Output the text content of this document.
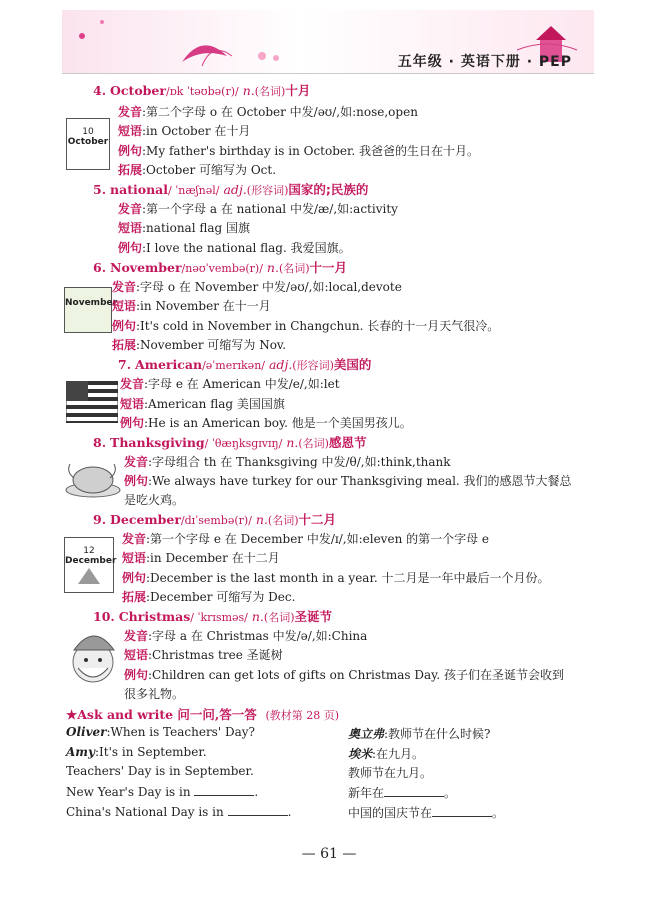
五年级 · 英语下册 · PEP
4. October/ɒk ˈtəʊbə(r)/ n.(名词)十月
10
October
发音:第二个字母 o 在 October 中发/əʊ/,如:nose,open
短语:in October 在十月
例句:My father's birthday is in October. 我爸爸的生日在十月。
拓展:October 可缩写为 Oct.
5. national/ ˈnæʃnəl/ adj.(形容词)国家的;民族的
发音:第一个字母 a 在 national 中发/æ/,如:activity
短语:national flag 国旗
例句:I love the national flag. 我爱国旗。
6. November/nəʊˈvembə(r)/ n.(名词)十一月
November
发音:字母 o 在 November 中发/əʊ/,如:local,devote
短语:in November 在十一月
例句:It's cold in November in Changchun. 长春的十一月天气很冷。
拓展:November 可缩写为 Nov.
7. American/əˈmerɪkən/ adj.(形容词)美国的
发音:字母 e 在 American 中发/e/,如:let
短语:American flag 美国国旗
例句:He is an American boy. 他是一个美国男孩儿。
8. Thanksgiving/ ˈθæŋksɡɪvɪŋ/ n.(名词)感恩节
发音:字母组合 th 在 Thanksgiving 中发/θ/,如:think,thank
例句:We always have turkey for our Thanksgiving meal. 我们的感恩节大餐总
是吃火鸡。
9. December/dɪˈsembə(r)/ n.(名词)十二月
12
December
发音:第一个字母 e 在 December 中发/ɪ/,如:eleven 的第一个字母 e
短语:in December 在十二月
例句:December is the last month in a year. 十二月是一年中最后一个月份。
拓展:December 可缩写为 Dec.
10. Christmas/ ˈkrɪsməs/ n.(名词)圣诞节
发音:字母 a 在 Christmas 中发/ə/,如:China
短语:Christmas tree 圣诞树
例句:Children can get lots of gifts on Christmas Day. 孩子们在圣诞节会收到
很多礼物。
★Ask and write 问一问,答一答 (教材第 28 页)
Oliver:When is Teachers' Day?
Amy:It's in September.
Teachers' Day is in September.
New Year's Day is in	.
China's National Day is in	.
奥立弗:教师节在什么时候?
埃米:在九月。
教师节在九月。
新年在	。
中国的国庆节在	。
— 61 —
